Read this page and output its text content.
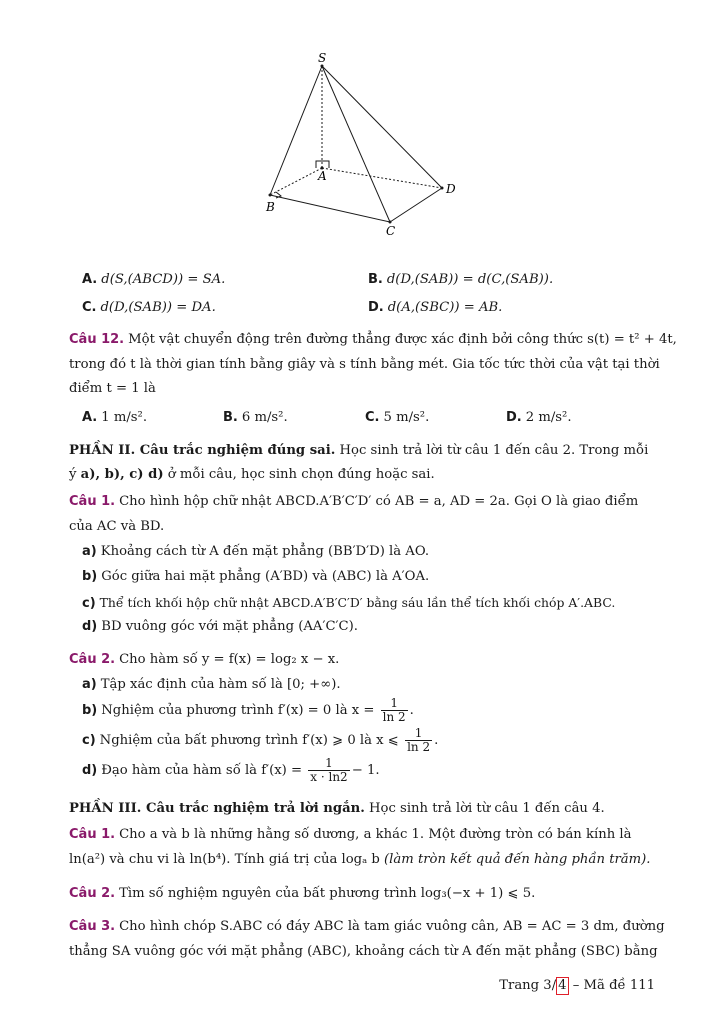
S
A
B
C
D
A. d(S,(ABCD)) = SA.	B. d(D,(SAB)) = d(C,(SAB)).
C. d(D,(SAB)) = DA.	D. d(A,(SBC)) = AB.
Câu 12. Một vật chuyển động trên đường thẳng được xác định bởi công thức s(t) = t² + 4t,
trong đó t là thời gian tính bằng giây và s tính bằng mét. Gia tốc tức thời của vật tại thời
điểm t = 1 là
A. 1 m/s².	B. 6 m/s².	C. 5 m/s².	D. 2 m/s².
PHẦN II. Câu trắc nghiệm đúng sai. Học sinh trả lời từ câu 1 đến câu 2. Trong mỗi
ý a), b), c) d) ở mỗi câu, học sinh chọn đúng hoặc sai.
Câu 1. Cho hình hộp chữ nhật ABCD.A′B′C′D′ có AB = a, AD = 2a. Gọi O là giao điểm
của AC và BD.
a) Khoảng cách từ A đến mặt phẳng (BB′D′D) là AO.
b) Góc giữa hai mặt phẳng (A′BD) và (ABC) là A′OA.
c) Thể tích khối hộp chữ nhật ABCD.A′B′C′D′ bằng sáu lần thể tích khối chóp A′.ABC.
d) BD vuông góc với mặt phẳng (AA′C′C).
Câu 2. Cho hàm số y = f(x) = log₂ x − x.
a) Tập xác định của hàm số là [0; +∞).
b) Nghiệm của phương trình f′(x) = 0 là $x = \frac{1}{\ln 2}$ .
c) Nghiệm của bất phương trình f′(x) ⩾ 0 là x ⩽ $\frac{1}{\ln 2}$ .
d) Đạo hàm của hàm số là $f'(x) = \frac{1}{x \cdot \ln 2} - 1$.
PHẦN III. Câu trắc nghiệm trả lời ngắn. Học sinh trả lời từ câu 1 đến câu 4.
Câu 1. Cho a và b là những hằng số dương, a khác 1. Một đường tròn có bán kính là
ln(a²) và chu vi là ln(b⁴). Tính giá trị của logₐ b (làm tròn kết quả đến hàng phần trăm).
Câu 2. Tìm số nghiệm nguyên của bất phương trình log₃(−x + 1) ⩽ 5.
Câu 3. Cho hình chóp S.ABC có đáy ABC là tam giác vuông cân, AB = AC = 3 dm, đường
thẳng SA vuông góc với mặt phẳng (ABC), khoảng cách từ A đến mặt phẳng (SBC) bằng
Trang 3/ 4 – Mã đề 111
